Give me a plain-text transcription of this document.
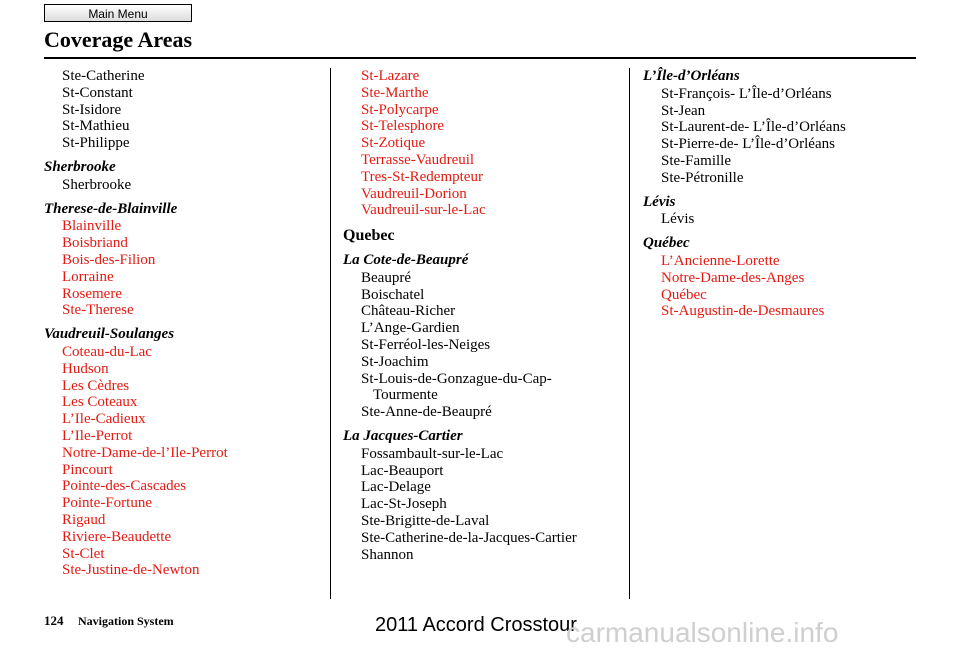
Main Menu
Coverage Areas
Ste-Catherine
St-Constant
St-Isidore
St-Mathieu
St-Philippe
Sherbrooke
Sherbrooke
Therese-de-Blainville
Blainville
Boisbriand
Bois-des-Filion
Lorraine
Rosemere
Ste-Therese
Vaudreuil-Soulanges
Coteau-du-Lac
Hudson
Les Cèdres
Les Coteaux
L’Ile-Cadieux
L’Ile-Perrot
Notre-Dame-de-l’Ile-Perrot
Pincourt
Pointe-des-Cascades
Pointe-Fortune
Rigaud
Riviere-Beaudette
St-Clet
Ste-Justine-de-Newton
St-Lazare
Ste-Marthe
St-Polycarpe
St-Telesphore
St-Zotique
Terrasse-Vaudreuil
Tres-St-Redempteur
Vaudreuil-Dorion
Vaudreuil-sur-le-Lac
Quebec
La Cote-de-Beaupré
Beaupré
Boischatel
Château-Richer
L’Ange-Gardien
St-Ferréol-les-Neiges
St-Joachim
St-Louis-de-Gonzague-du-Cap-
Tourmente
Ste-Anne-de-Beaupré
La Jacques-Cartier
Fossambault-sur-le-Lac
Lac-Beauport
Lac-Delage
Lac-St-Joseph
Ste-Brigitte-de-Laval
Ste-Catherine-de-la-Jacques-Cartier
Shannon
L’Île-d’Orléans
St-François- L’Île-d’Orléans
St-Jean
St-Laurent-de- L’Île-d’Orléans
St-Pierre-de- L’Île-d’Orléans
Ste-Famille
Ste-Pétronille
Lévis
Lévis
Québec
L’Ancienne-Lorette
Notre-Dame-des-Anges
Québec
St-Augustin-de-Desmaures
124 Navigation System	2011 Accord Crosstour
carmanualsonline.info
